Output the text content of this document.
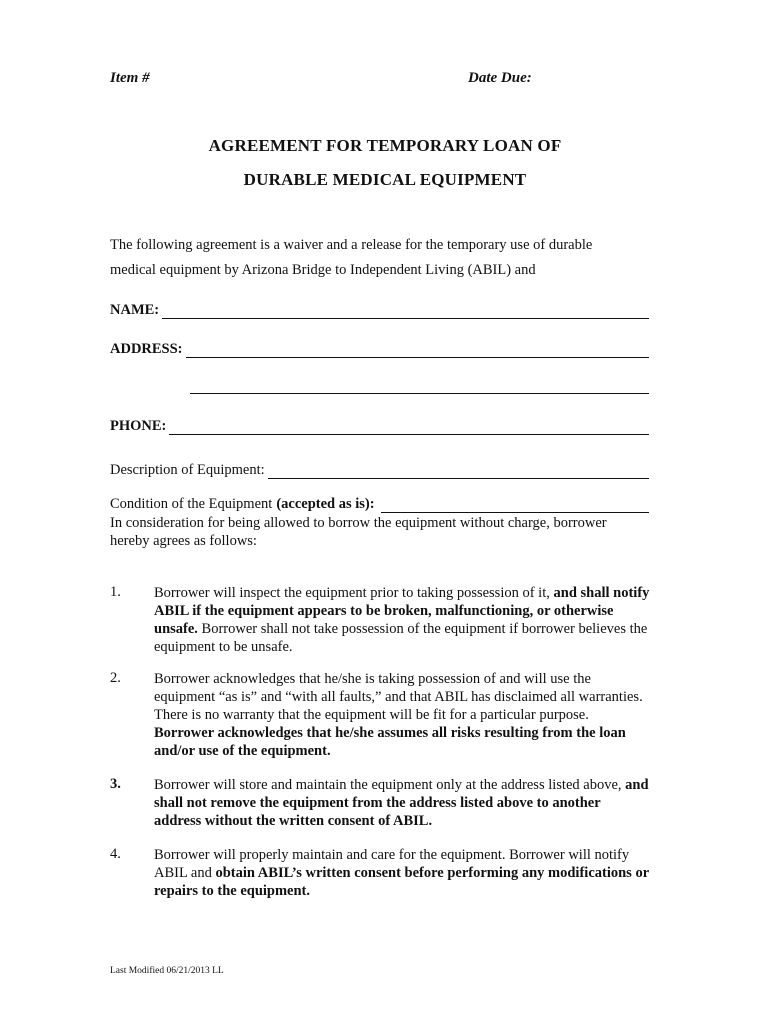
Item #	Date Due:
AGREEMENT FOR TEMPORARY LOAN OF
DURABLE MEDICAL EQUIPMENT
The following agreement is a waiver and a release for the temporary use of durable
medical equipment by Arizona Bridge to Independent Living (ABIL) and
NAME:
ADDRESS:
PHONE:
Description of Equipment:
Condition of the Equipment (accepted as is):
In consideration for being allowed to borrow the equipment without charge, borrower
hereby agrees as follows:
1. Borrower will inspect the equipment prior to taking possession of it, and shall notify ABIL if the equipment appears to be broken, malfunctioning, or otherwise unsafe. Borrower shall not take possession of the equipment if borrower believes the equipment to be unsafe.
2. Borrower acknowledges that he/she is taking possession of and will use the equipment “as is” and “with all faults,” and that ABIL has disclaimed all warranties. There is no warranty that the equipment will be fit for a particular purpose. Borrower acknowledges that he/she assumes all risks resulting from the loan and/or use of the equipment.
3. Borrower will store and maintain the equipment only at the address listed above, and shall not remove the equipment from the address listed above to another address without the written consent of ABIL.
4. Borrower will properly maintain and care for the equipment. Borrower will notify ABIL and obtain ABIL’s written consent before performing any modifications or repairs to the equipment.
Last Modified 06/21/2013 LL
